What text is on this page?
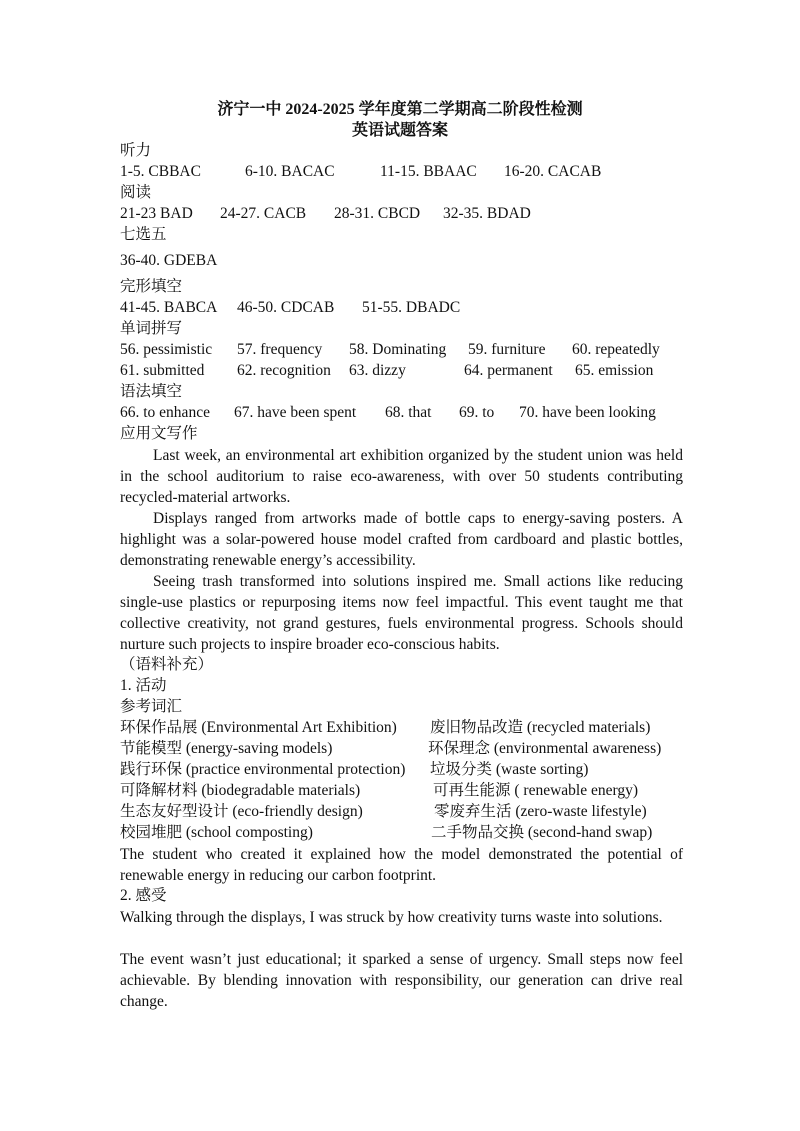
济宁一中 2024-2025 学年度第二学期高二阶段性检测
英语试题答案
听力
1-5. CBBAC	6-10. BACAC	11-15. BBAAC 16-20. CACAB
阅读
21-23 BAD 24-27. CACB 28-31. CBCD 32-35. BDAD
七选五
36-40. GDEBA
完形填空
41-45. BABCA 46-50. CDCAB 51-55. DBADC
单词拼写
56. pessimistic 57. frequency 58. Dominating 59. furniture 60. repeatedly
61. submitted 62. recognition 63. dizzy	64. permanent 65. emission
语法填空
66. to enhance 67. have been spent 68. that 69. to 70. have been looking
应用文写作
Last week, an environmental art exhibition organized by the student union was held in the school auditorium to raise eco-awareness, with over 50 students contributing recycled-material artworks.
Displays ranged from artworks made of bottle caps to energy-saving posters. A highlight was a solar-powered house model crafted from cardboard and plastic bottles, demonstrating renewable energy’s accessibility.
Seeing trash transformed into solutions inspired me. Small actions like reducing single-use plastics or repurposing items now feel impactful. This event taught me that collective creativity, not grand gestures, fuels environmental progress. Schools should nurture such projects to inspire broader eco-conscious habits.
（语料补充）
1. 活动
参考词汇
环保作品展 (Environmental Art Exhibition) 废旧物品改造 (recycled materials)
节能模型 (energy-saving models)	环保理念 (environmental awareness)
践行环保 (practice environmental protection) 垃圾分类 (waste sorting)
可降解材料 (biodegradable materials)	可再生能源 ( renewable energy)
生态友好型设计 (eco-friendly design)	零废弃生活 (zero-waste lifestyle)
校园堆肥 (school composting)	二手物品交换 (second-hand swap)
The student who created it explained how the model demonstrated the potential of renewable energy in reducing our carbon footprint.
2. 感受
Walking through the displays, I was struck by how creativity turns waste into solutions.
The event wasn’t just educational; it sparked a sense of urgency. Small steps now feel achievable. By blending innovation with responsibility, our generation can drive real change.
